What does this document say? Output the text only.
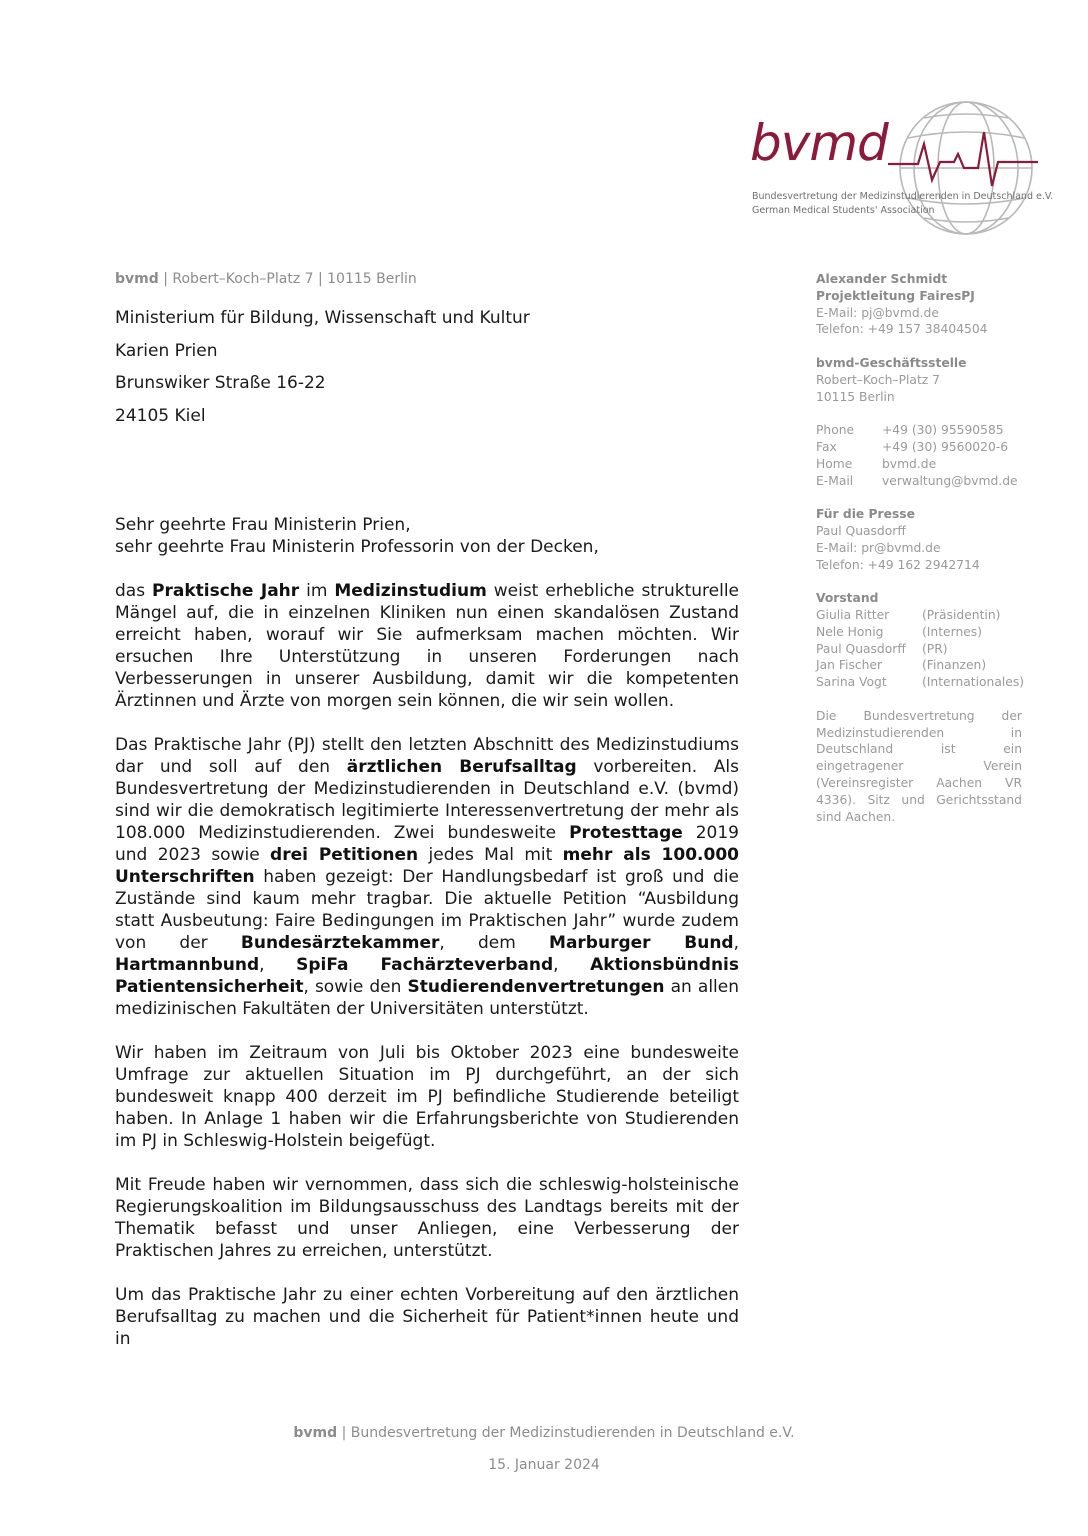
bvmd
Bundesvertretung der Medizinstudierenden in Deutschland e.V.
German Medical Students' Association
bvmd | Robert–Koch–Platz 7 | 10115 Berlin
Ministerium für Bildung, Wissenschaft und Kultur
Karien Prien
Brunswiker Straße 16-22
24105 Kiel

Sehr geehrte Frau Ministerin Prien,

sehr geehrte Frau Ministerin Professorin von der Decken,

das Praktische Jahr im Medizinstudium weist erhebliche strukturelle Mängel auf, die in einzelnen Kliniken nun einen skandalösen Zustand erreicht haben, worauf wir Sie aufmerksam machen möchten. Wir ersuchen Ihre Unterstützung in unseren Forderungen nach Verbesserungen in unserer Ausbildung, damit wir die kompetenten Ärztinnen und Ärzte von morgen sein können, die wir sein wollen.

Das Praktische Jahr (PJ) stellt den letzten Abschnitt des Medizinstudiums dar und soll auf den ärztlichen Berufsalltag vorbereiten. Als Bundesvertretung der Medizinstudierenden in Deutschland e.V. (bvmd) sind wir die demokratisch legitimierte Interessenvertretung der mehr als 108.000 Medizinstudierenden. Zwei bundesweite Protesttage 2019 und 2023 sowie drei Petitionen jedes Mal mit mehr als 100.000 Unterschriften haben gezeigt: Der Handlungsbedarf ist groß und die Zustände sind kaum mehr tragbar. Die aktuelle Petition “Ausbildung statt Ausbeutung: Faire Bedingungen im Praktischen Jahr” wurde zudem von der Bundesärztekammer, dem Marburger Bund, Hartmannbund, SpiFa Fachärzteverband, Aktionsbündnis Patientensicherheit, sowie den Studierendenvertretungen an allen medizinischen Fakultäten der Universitäten unterstützt.

Wir haben im Zeitraum von Juli bis Oktober 2023 eine bundesweite Umfrage zur aktuellen Situation im PJ durchgeführt, an der sich bundesweit knapp 400 derzeit im PJ befindliche Studierende beteiligt haben. In Anlage 1 haben wir die Erfahrungsberichte von Studierenden im PJ in Schleswig-Holstein beigefügt.

Mit Freude haben wir vernommen, dass sich die schleswig-holsteinische Regierungskoalition im Bildungsausschuss des Landtags bereits mit der Thematik befasst und unser Anliegen, eine Verbesserung der Praktischen Jahres zu erreichen, unterstützt.

Um das Praktische Jahr zu einer echten Vorbereitung auf den ärztlichen Berufsalltag zu machen und die Sicherheit für Patient*innen heute und in

Alexander Schmidt
Projektleitung FairesPJ
E-Mail: pj@bvmd.de
Telefon: +49 157 38404504
bvmd-Geschäftsstelle
Robert–Koch–Platz 7
10115 Berlin
Phone	+49 (30) 95590585
Fax	+49 (30) 9560020-6
Home	bvmd.de
E-Mail	verwaltung@bvmd.de
Für die Presse
Paul Quasdorff
E-Mail: pr@bvmd.de
Telefon: +49 162 2942714
Vorstand
Giulia Ritter	(Präsidentin)
Nele Honig	(Internes)
Paul Quasdorff	(PR)
Jan Fischer	(Finanzen)
Sarina Vogt	(Internationales)
Die Bundesvertretung der Medizinstudierenden in Deutschland ist ein eingetragener Verein (Vereinsregister Aachen VR 4336). Sitz und Gerichtsstand sind Aachen.
bvmd | Bundesvertretung der Medizinstudierenden in Deutschland e.V.
15. Januar 2024
